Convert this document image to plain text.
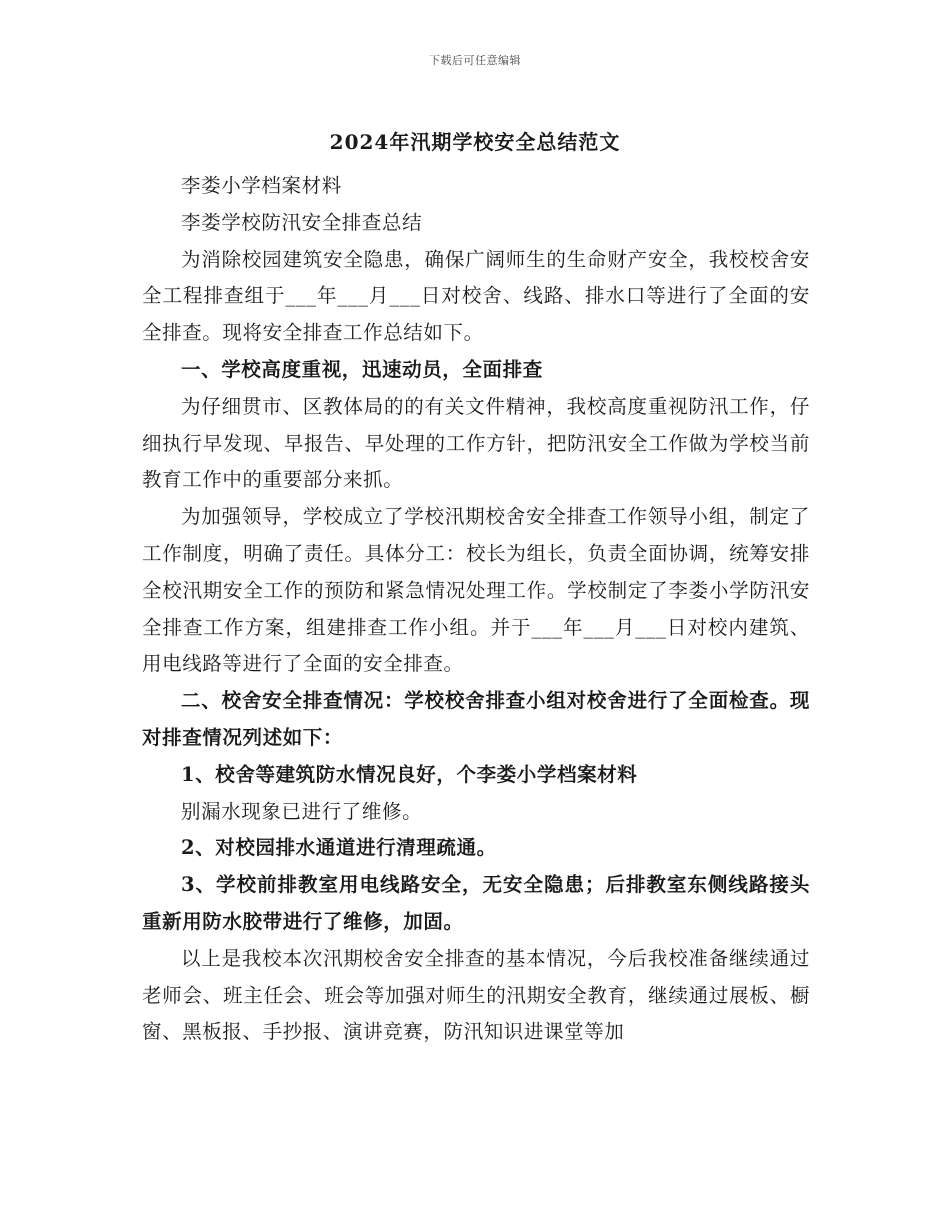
下载后可任意编辑
2024年汛期学校安全总结范文

李娄小学档案材料

李娄学校防汛安全排查总结

为消除校园建筑安全隐患，确保广阔师生的生命财产安全，我校校舍安全工程排查组于___年___月___日对校舍、线路、排水口等进行了全面的安全排查。现将安全排查工作总结如下。

一、学校高度重视，迅速动员，全面排查

为仔细贯市、区教体局的的有关文件精神，我校高度重视防汛工作，仔细执行早发现、早报告、早处理的工作方针，把防汛安全工作做为学校当前教育工作中的重要部分来抓。

为加强领导，学校成立了学校汛期校舍安全排查工作领导小组，制定了工作制度，明确了责任。具体分工：校长为组长，负责全面协调，统筹安排全校汛期安全工作的预防和紧急情况处理工作。学校制定了李娄小学防汛安全排查工作方案，组建排查工作小组。并于___年___月___日对校内建筑、用电线路等进行了全面的安全排查。

二、校舍安全排查情况：学校校舍排查小组对校舍进行了全面检查。现对排查情况列述如下：

1、校舍等建筑防水情况良好，个李娄小学档案材料

别漏水现象已进行了维修。

2、对校园排水通道进行清理疏通。

3、学校前排教室用电线路安全，无安全隐患；后排教室东侧线路接头重新用防水胶带进行了维修，加固。

以上是我校本次汛期校舍安全排查的基本情况，今后我校准备继续通过老师会、班主任会、班会等加强对师生的汛期安全教育，继续通过展板、橱窗、黑板报、手抄报、演讲竞赛，防汛知识进课堂等加
